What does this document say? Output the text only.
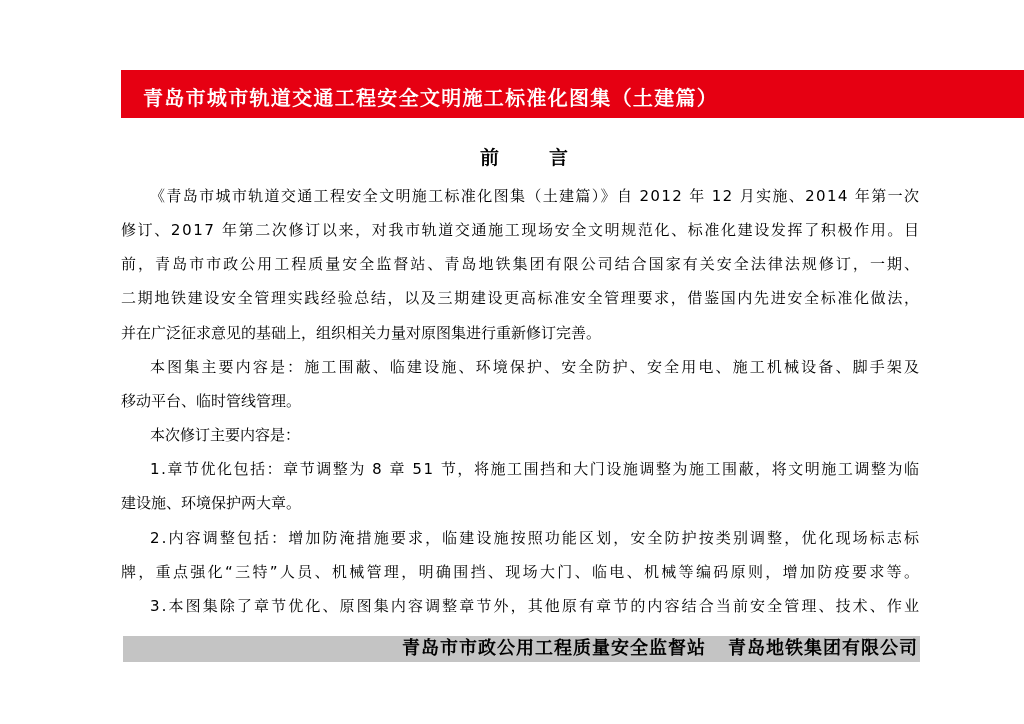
青岛市城市轨道交通工程安全文明施工标准化图集（土建篇）
前　　言
《青岛市城市轨道交通工程安全文明施工标准化图集（土建篇）》自 2012 年 12 月实施、2014 年第一次
修订、2017 年第二次修订以来，对我市轨道交通施工现场安全文明规范化、标准化建设发挥了积极作用。目
前，青岛市市政公用工程质量安全监督站、青岛地铁集团有限公司结合国家有关安全法律法规修订，一期、
二期地铁建设安全管理实践经验总结，以及三期建设更高标准安全管理要求，借鉴国内先进安全标准化做法，
并在广泛征求意见的基础上，组织相关力量对原图集进行重新修订完善。
本图集主要内容是：施工围蔽、临建设施、环境保护、安全防护、安全用电、施工机械设备、脚手架及
移动平台、临时管线管理。
本次修订主要内容是：
1.章节优化包括：章节调整为 8 章 51 节，将施工围挡和大门设施调整为施工围蔽，将文明施工调整为临
建设施、环境保护两大章。
2.内容调整包括：增加防淹措施要求，临建设施按照功能区划，安全防护按类别调整，优化现场标志标
牌，重点强化“三特”人员、机械管理，明确围挡、现场大门、临电、机械等编码原则，增加防疫要求等。
3.本图集除了章节优化、原图集内容调整章节外，其他原有章节的内容结合当前安全管理、技术、作业
青岛市市政公用工程质量安全监督站 青岛地铁集团有限公司
